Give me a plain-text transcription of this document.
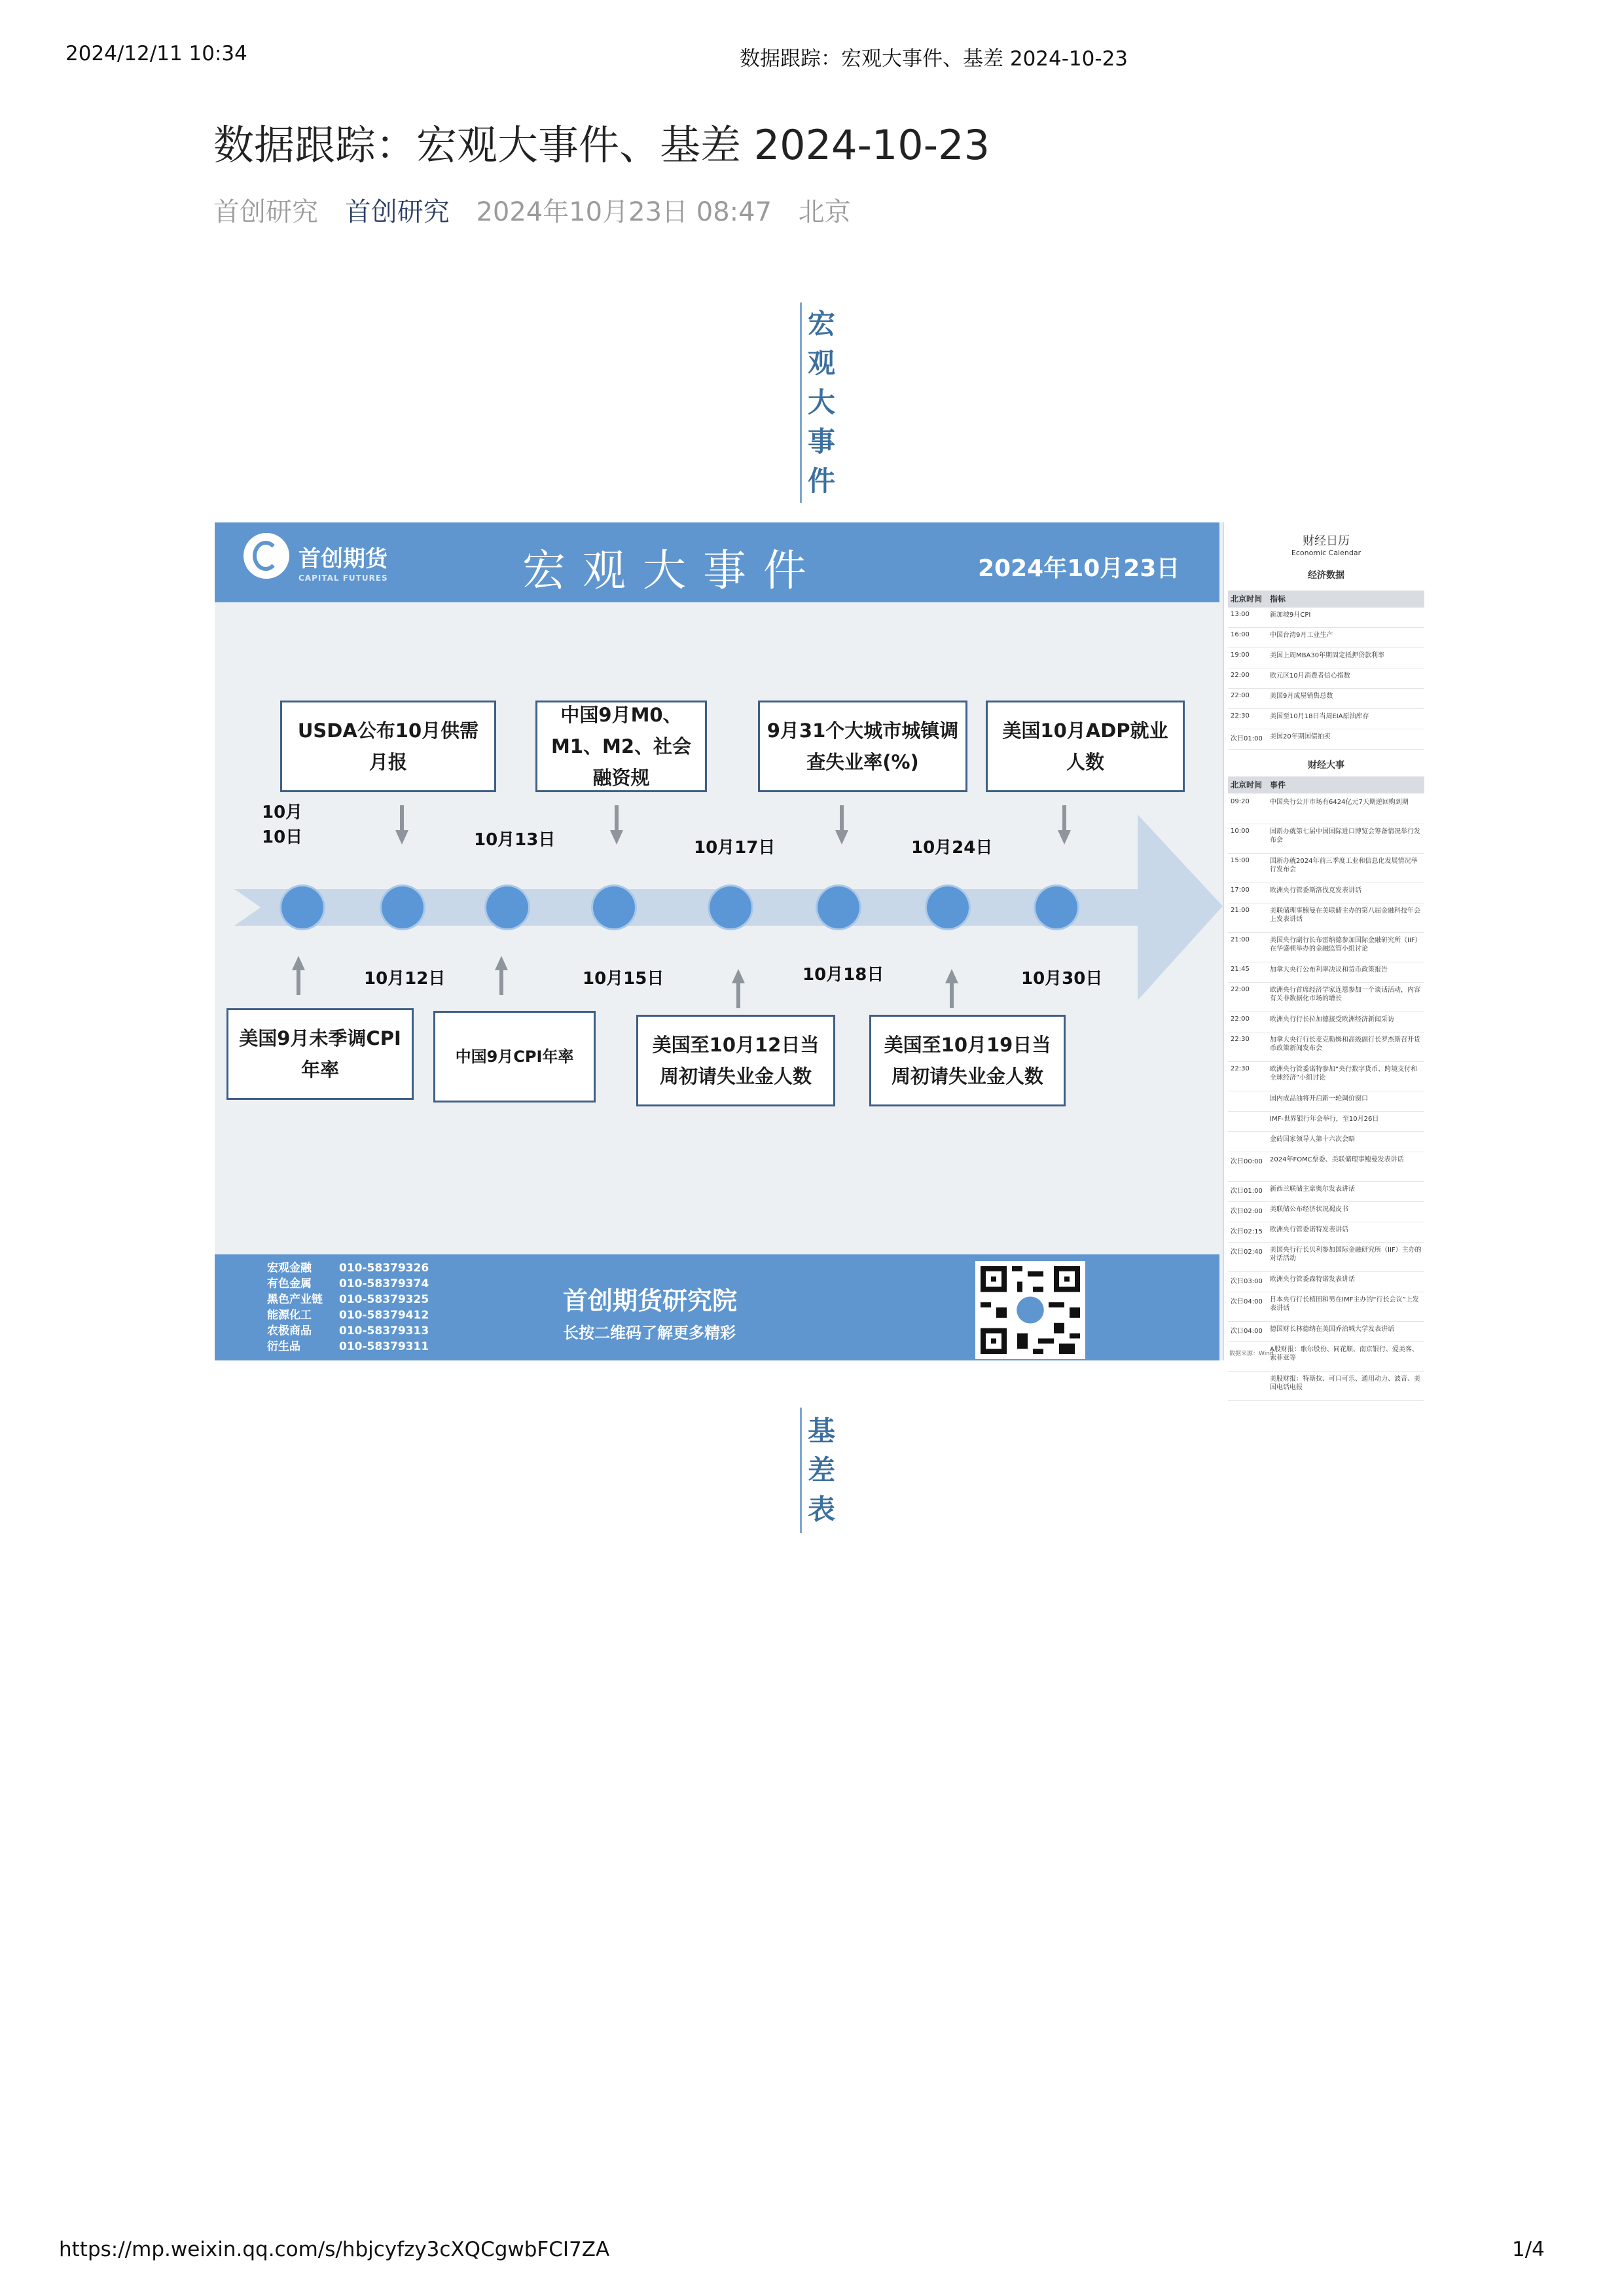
2024/12/11 10:34	数据跟踪：宏观大事件、基差 2024-10-23
数据跟踪：宏观大事件、基差 2024-10-23
首创研究 首创研究 2024年10月23日 08:47 北京
宏
观
大
事
件
首创期货
CAPITAL FUTURES	宏观大事件	2024年10月23日
USDA公布10月供需月报
中国9月M0、M1、M2、社会融资规
9月31个大城市城镇调查失业率(%)
美国10月ADP就业人数
10月10日	10月13日	10月17日	10月24日
10月12日	10月15日	10月18日	10月30日
美国9月未季调CPI年率
中国9月CPI年率
美国至10月12日当周初请失业金人数
美国至10月19日当周初请失业金人数
宏观金融	010-58379326
有色金属	010-58379374
黑色产业链	010-58379325
能源化工	010-58379412
农极商品	010-58379313
衍生品	010-58379311
首创期货研究院
长按二维码了解更多精彩
财经日历
Economic Calendar
经济数据
北京时间 指标
13:00	新加坡9月CPI
16:00	中国台湾9月工业生产
19:00	美国上周MBA30年期固定抵押贷款利率
22:00	欧元区10月消费者信心指数
22:00	美国9月成屋销售总数
22:30	美国至10月18日当周EIA原油库存
次日01:00 美国20年期国债拍卖
财经大事
北京时间 事件
09:20	中国央行公开市场有6424亿元7天期逆回购到期
10:00	国新办就第七届中国国际进口博览会筹备情况举行发布会
15:00	国新办就2024年前三季度工业和信息化发展情况举行发布会
17:00	欧洲央行管委斯洛伐克发表讲话
21:00	美联储理事鲍曼在美联储主办的第八届金融科技年会上发表讲话
21:00	美国央行副行长布雷纳德参加国际金融研究所（IIF）在华盛顿举办的金融监管小组讨论
21:45	加拿大央行公布利率决议和货币政策报告
22:00	欧洲央行首席经济学家连恩参加一个谈话活动，内容有关非数据化市场的增长
22:00	欧洲央行行长拉加德接受欧洲经济新闻采访
22:30	加拿大央行行长麦克勒姆和高级副行长罗杰斯召开货币政策新闻发布会
22:30	欧洲央行管委诺特参加“央行数字货币、跨境支付和全球经济”小组讨论
国内成品油将开启新一轮调价窗口
IMF-世界银行年会举行，至10月26日
金砖国家领导人第十六次会晤
次日00:00 2024年FOMC票委、美联储理事鲍曼发表讲话
次日01:00 新西兰联储主席奥尔发表讲话
次日02:00 美联储公布经济状况褐皮书
次日02:15 欧洲央行管委诺特发表讲话
次日02:40 美国央行行长贝利参加国际金融研究所（IIF）主办的对话活动
次日03:00 欧洲央行管委森特诺发表讲话
次日04:00 日本央行行长植田和男在IMF主办的“行长会议”上发表讲话
次日04:00 德国财长林德纳在美国乔治城大学发表讲话
A股财报：歌尔股份、同花顺、南京银行、爱美客、索菲亚等
美股财报：特斯拉、可口可乐、通用动力、波音、美国电话电报
数据来源：Wind
基
差
表
https://mp.weixin.qq.com/s/hbjcyfzy3cXQCgwbFCI7ZA	1/4
